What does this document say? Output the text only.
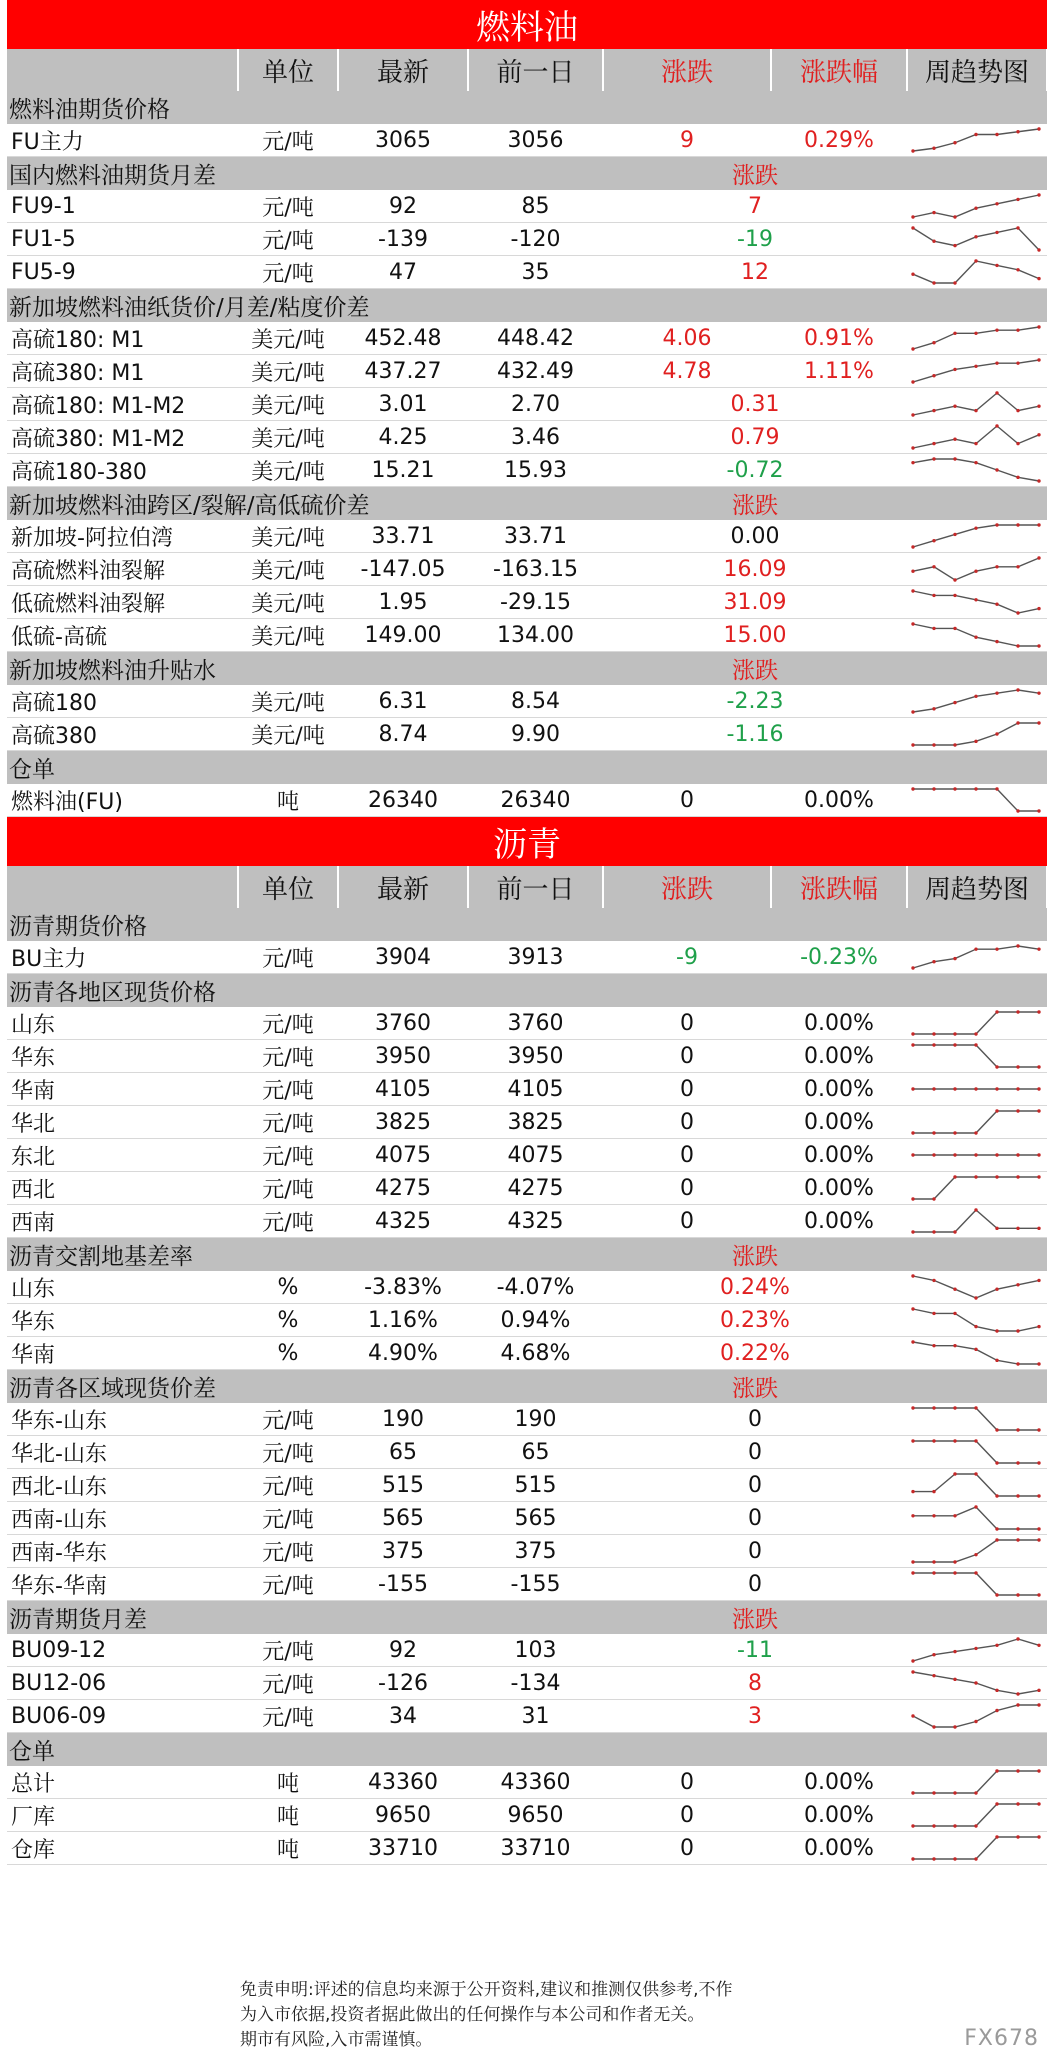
燃料油						
	单位	最新	前一日	涨跌	涨跌幅	周趋势图
燃料油期货价格						
FU主力	元/吨	3065	3056	9	0.29%	

国内燃料油期货月差				涨跌		
FU9-1	元/吨	92	85	7	

FU1-5	元/吨	-139	-120	-19	

FU5-9	元/吨	47	35	12	

新加坡燃料油纸货价/月差/粘度价差						
高硫180: M1	美元/吨	452.48	448.42	4.06	0.91%	

高硫380: M1	美元/吨	437.27	432.49	4.78	1.11%	

高硫180: M1-M2	美元/吨	3.01	2.70	0.31	

高硫380: M1-M2	美元/吨	4.25	3.46	0.79	

高硫180-380	美元/吨	15.21	15.93	-0.72	

新加坡燃料油跨区/裂解/高低硫价差				涨跌		
新加坡-阿拉伯湾	美元/吨	33.71	33.71	0.00	

高硫燃料油裂解	美元/吨	-147.05	-163.15	16.09	

低硫燃料油裂解	美元/吨	1.95	-29.15	31.09	

低硫-高硫	美元/吨	149.00	134.00	15.00	

新加坡燃料油升贴水				涨跌		
高硫180	美元/吨	6.31	8.54	-2.23	

高硫380	美元/吨	8.74	9.90	-1.16	

仓单						
燃料油(FU)	吨	26340	26340	0	0.00%	

沥青						
	单位	最新	前一日	涨跌	涨跌幅	周趋势图
沥青期货价格						
BU主力	元/吨	3904	3913	-9	-0.23%	

沥青各地区现货价格						
山东	元/吨	3760	3760	0	0.00%	

华东	元/吨	3950	3950	0	0.00%	

华南	元/吨	4105	4105	0	0.00%	

华北	元/吨	3825	3825	0	0.00%	

东北	元/吨	4075	4075	0	0.00%	

西北	元/吨	4275	4275	0	0.00%	

西南	元/吨	4325	4325	0	0.00%	

沥青交割地基差率				涨跌		
山东	%	-3.83%	-4.07%	0.24%	

华东	%	1.16%	0.94%	0.23%	

华南	%	4.90%	4.68%	0.22%	

沥青各区域现货价差				涨跌		
华东-山东	元/吨	190	190	0	

华北-山东	元/吨	65	65	0	

西北-山东	元/吨	515	515	0	

西南-山东	元/吨	565	565	0	

西南-华东	元/吨	375	375	0	

华东-华南	元/吨	-155	-155	0	

沥青期货月差				涨跌		
BU09-12	元/吨	92	103	-11	

BU12-06	元/吨	-126	-134	8	

BU06-09	元/吨	34	31	3	

仓单						
总计	吨	43360	43360	0	0.00%	

厂库	吨	9650	9650	0	0.00%	

仓库	吨	33710	33710	0	0.00%	
免责申明:评述的信息均来源于公开资料,建议和推测仅供参考,不作
为入市依据,投资者据此做出的任何操作与本公司和作者无关。
期市有风险,入市需谨慎。	FX678
